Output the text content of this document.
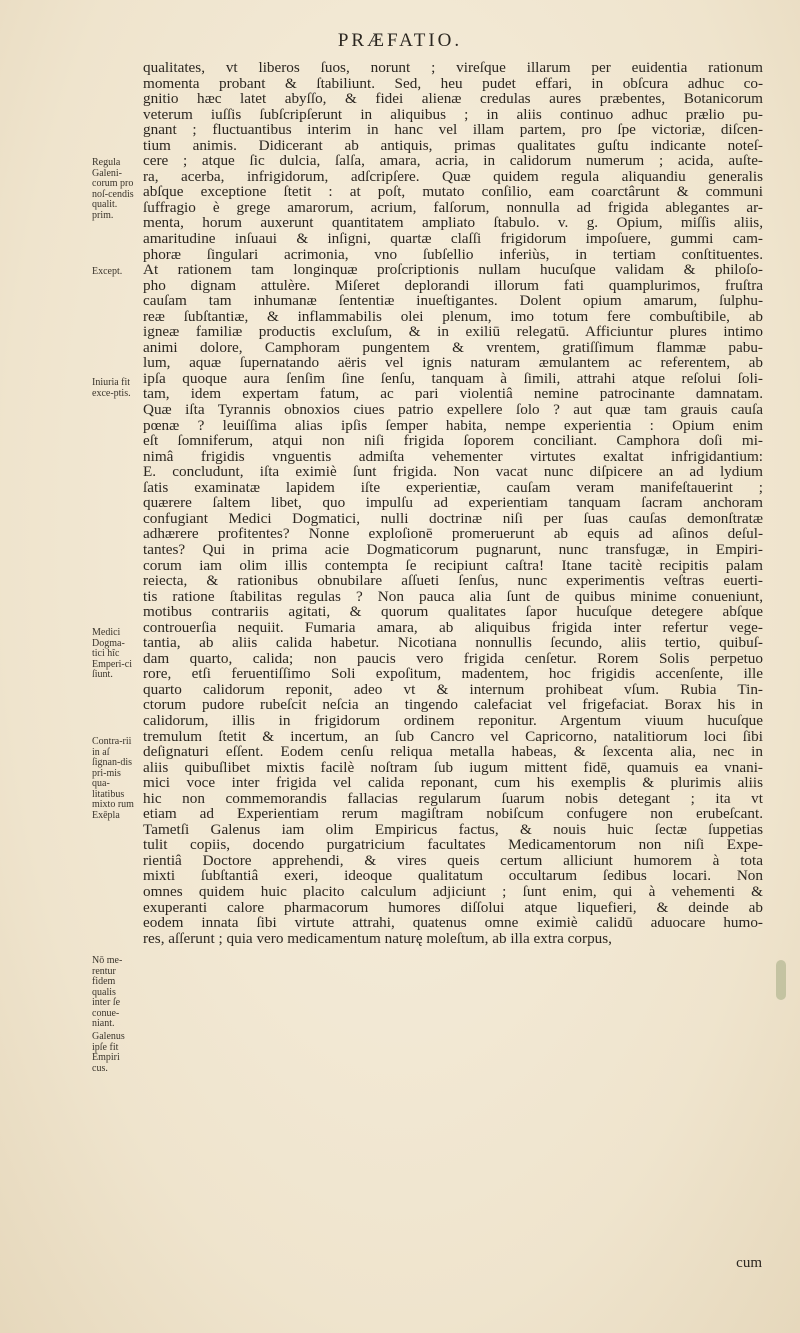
PRÆFATIO.
qualitates, vt liberos ſuos, norunt ; vireſque illarum per euidentia rationum
momenta probant & ſtabiliunt. Sed, heu pudet effari, in obſcura adhuc co-
gnitio hæc latet abyſſo, & fidei alienæ credulas aures præbentes, Botanicorum
veterum iuſſis ſubſcripſerunt in aliquibus ; in aliis continuo adhuc prælio pu-
gnant ; fluctuantibus interim in hanc vel illam partem, pro ſpe victoriæ, diſcen-
tium animis. Didicerant ab antiquis, primas qualitates guſtu indicante noteſ-
cere ; atque ſic dulcia, ſalſa, amara, acria, in calidorum numerum ; acida, auſte-
ra, acerba, infrigidorum, adſcripſere. Quæ quidem regula aliquandiu generalis
abſque exceptione ſtetit : at poſt, mutato conſilio, eam coarctârunt & communi
ſuffragio è grege amarorum, acrium, falſorum, nonnulla ad frigida ablegantes ar-
menta, horum auxerunt quantitatem ampliato ſtabulo. v. g. Opium, miſſis aliis,
amaritudine inſuaui & inſigni, quartæ claſſi frigidorum impoſuere, gummi cam-
phoræ ſingulari acrimonia, vno ſubſellio inferiùs, in tertiam conſtituentes.
At rationem tam longinquæ proſcriptionis nullam hucuſque validam & philoſo-
pho dignam attulère. Miſeret deplorandi illorum fati quamplurimos, fruſtra
cauſam tam inhumanæ ſententiæ inueſtigantes. Dolent opium amarum, ſulphu-
reæ ſubſtantiæ, & inflammabilis olei plenum, imo totum fere combuſtibile, ab
igneæ familiæ productis excluſum, & in exiliū relegatū. Afficiuntur plures intimo
animi dolore, Camphoram pungentem & vrentem, gratiſſimum flammæ pabu-
lum, aquæ ſupernatando aëris vel ignis naturam æmulantem ac referentem, ab
ipſa quoque aura ſenſim ſine ſenſu, tanquam à ſimili, attrahi atque reſolui ſoli-
tam, idem expertam fatum, ac pari violentiâ nemine patrocinante damnatam.
Quæ iſta Tyrannis obnoxios ciues patrio expellere ſolo ? aut quæ tam grauis cauſa
pœnæ ? leuiſſima alias ipſis ſemper habita, nempe experientia : Opium enim
eſt ſomniferum, atqui non niſi frigida ſoporem conciliant. Camphora doſi mi-
nimâ frigidis vnguentis admiſta vehementer virtutes exaltat infrigidantium:
E. concludunt, iſta eximiè ſunt frigida. Non vacat nunc diſpicere an ad lydium
ſatis examinatæ lapidem iſte experientiæ, cauſam veram manifeſtauerint ;
quærere ſaltem libet, quo impulſu ad experientiam tanquam ſacram anchoram
confugiant Medici Dogmatici, nulli doctrinæ niſi per ſuas cauſas demonſtratæ
adhærere profitentes? Nonne exploſionē promeruerunt ab equis ad aſinos deſul-
tantes? Qui in prima acie Dogmaticorum pugnarunt, nunc transfugæ, in Empiri-
corum iam olim illis contempta ſe recipiunt caſtra! Itane tacitè recipitis palam
reiecta, & rationibus obnubilare aſſueti ſenſus, nunc experimentis veſtras euerti-
tis ratione ſtabilitas regulas ? Non pauca alia ſunt de quibus minime conueniunt,
motibus contrariis agitati, & quorum qualitates ſapor hucuſque detegere abſque
controuerſia nequiit. Fumaria amara, ab aliquibus frigida inter refertur vege-
tantia, ab aliis calida habetur. Nicotiana nonnullis ſecundo, aliis tertio, quibuſ-
dam quarto, calida; non paucis vero frigida cenſetur. Rorem Solis perpetuo
rore, etſi feruentiſſimo Soli expoſitum, madentem, hoc frigidis accenſente, ille
quarto calidorum reponit, adeo vt & internum prohibeat vſum. Rubia Tin-
ctorum pudore rubeſcit neſcia an tingendo calefaciat vel frigefaciat. Borax his in
calidorum, illis in frigidorum ordinem reponitur. Argentum viuum hucuſque
tremulum ſtetit & incertum, an ſub Cancro vel Capricorno, natalitiorum loci ſibi
deſignaturi eſſent. Eodem cenſu reliqua metalla habeas, & ſexcenta alia, nec in
aliis quibuſlibet mixtis facilè noſtram ſub iugum mittent fidē, quamuis ea vnani-
mici voce inter frigida vel calida reponant, cum his exemplis & plurimis aliis
hic non commemorandis fallacias regularum ſuarum nobis detegant ; ita vt
etiam ad Experientiam rerum magiſtram nobiſcum confugere non erubeſcant.
Tametſi Galenus iam olim Empiricus factus, & nouis huic ſectæ ſuppetias
tulit copiis, docendo purgatricium facultates Medicamentorum non niſi Expe-
rientiâ Doctore apprehendi, & vires queis certum alliciunt humorem à tota
mixti ſubſtantiâ exeri, ideoque qualitatum occultarum ſedibus locari. Non
omnes quidem huic placito calculum adjiciunt ; ſunt enim, qui à vehementi &
exuperanti calore pharmacorum humores diſſolui atque liquefieri, & deinde ab
eodem innata ſibi virtute attrahi, quatenus omne eximiè calidū aduocare humo-
res, aſſerunt ; quia vero medicamentum naturę moleſtum, ab illa extra corpus,
Regula Galeni-corum pro noſ-cendis qualit. prim.
Except.
Iniuria fit exce-ptis.
Medici Dogma-tici hîc Emperi-ci ſiunt.
Contra-rii in aſ ſignan-dis pri-mis qua-litatibus mixto rum Exēpla
Nō me-rentur fidem qualis inter ſe conue-niant.
Galenus ipſe fit Empiri cus.
cum
